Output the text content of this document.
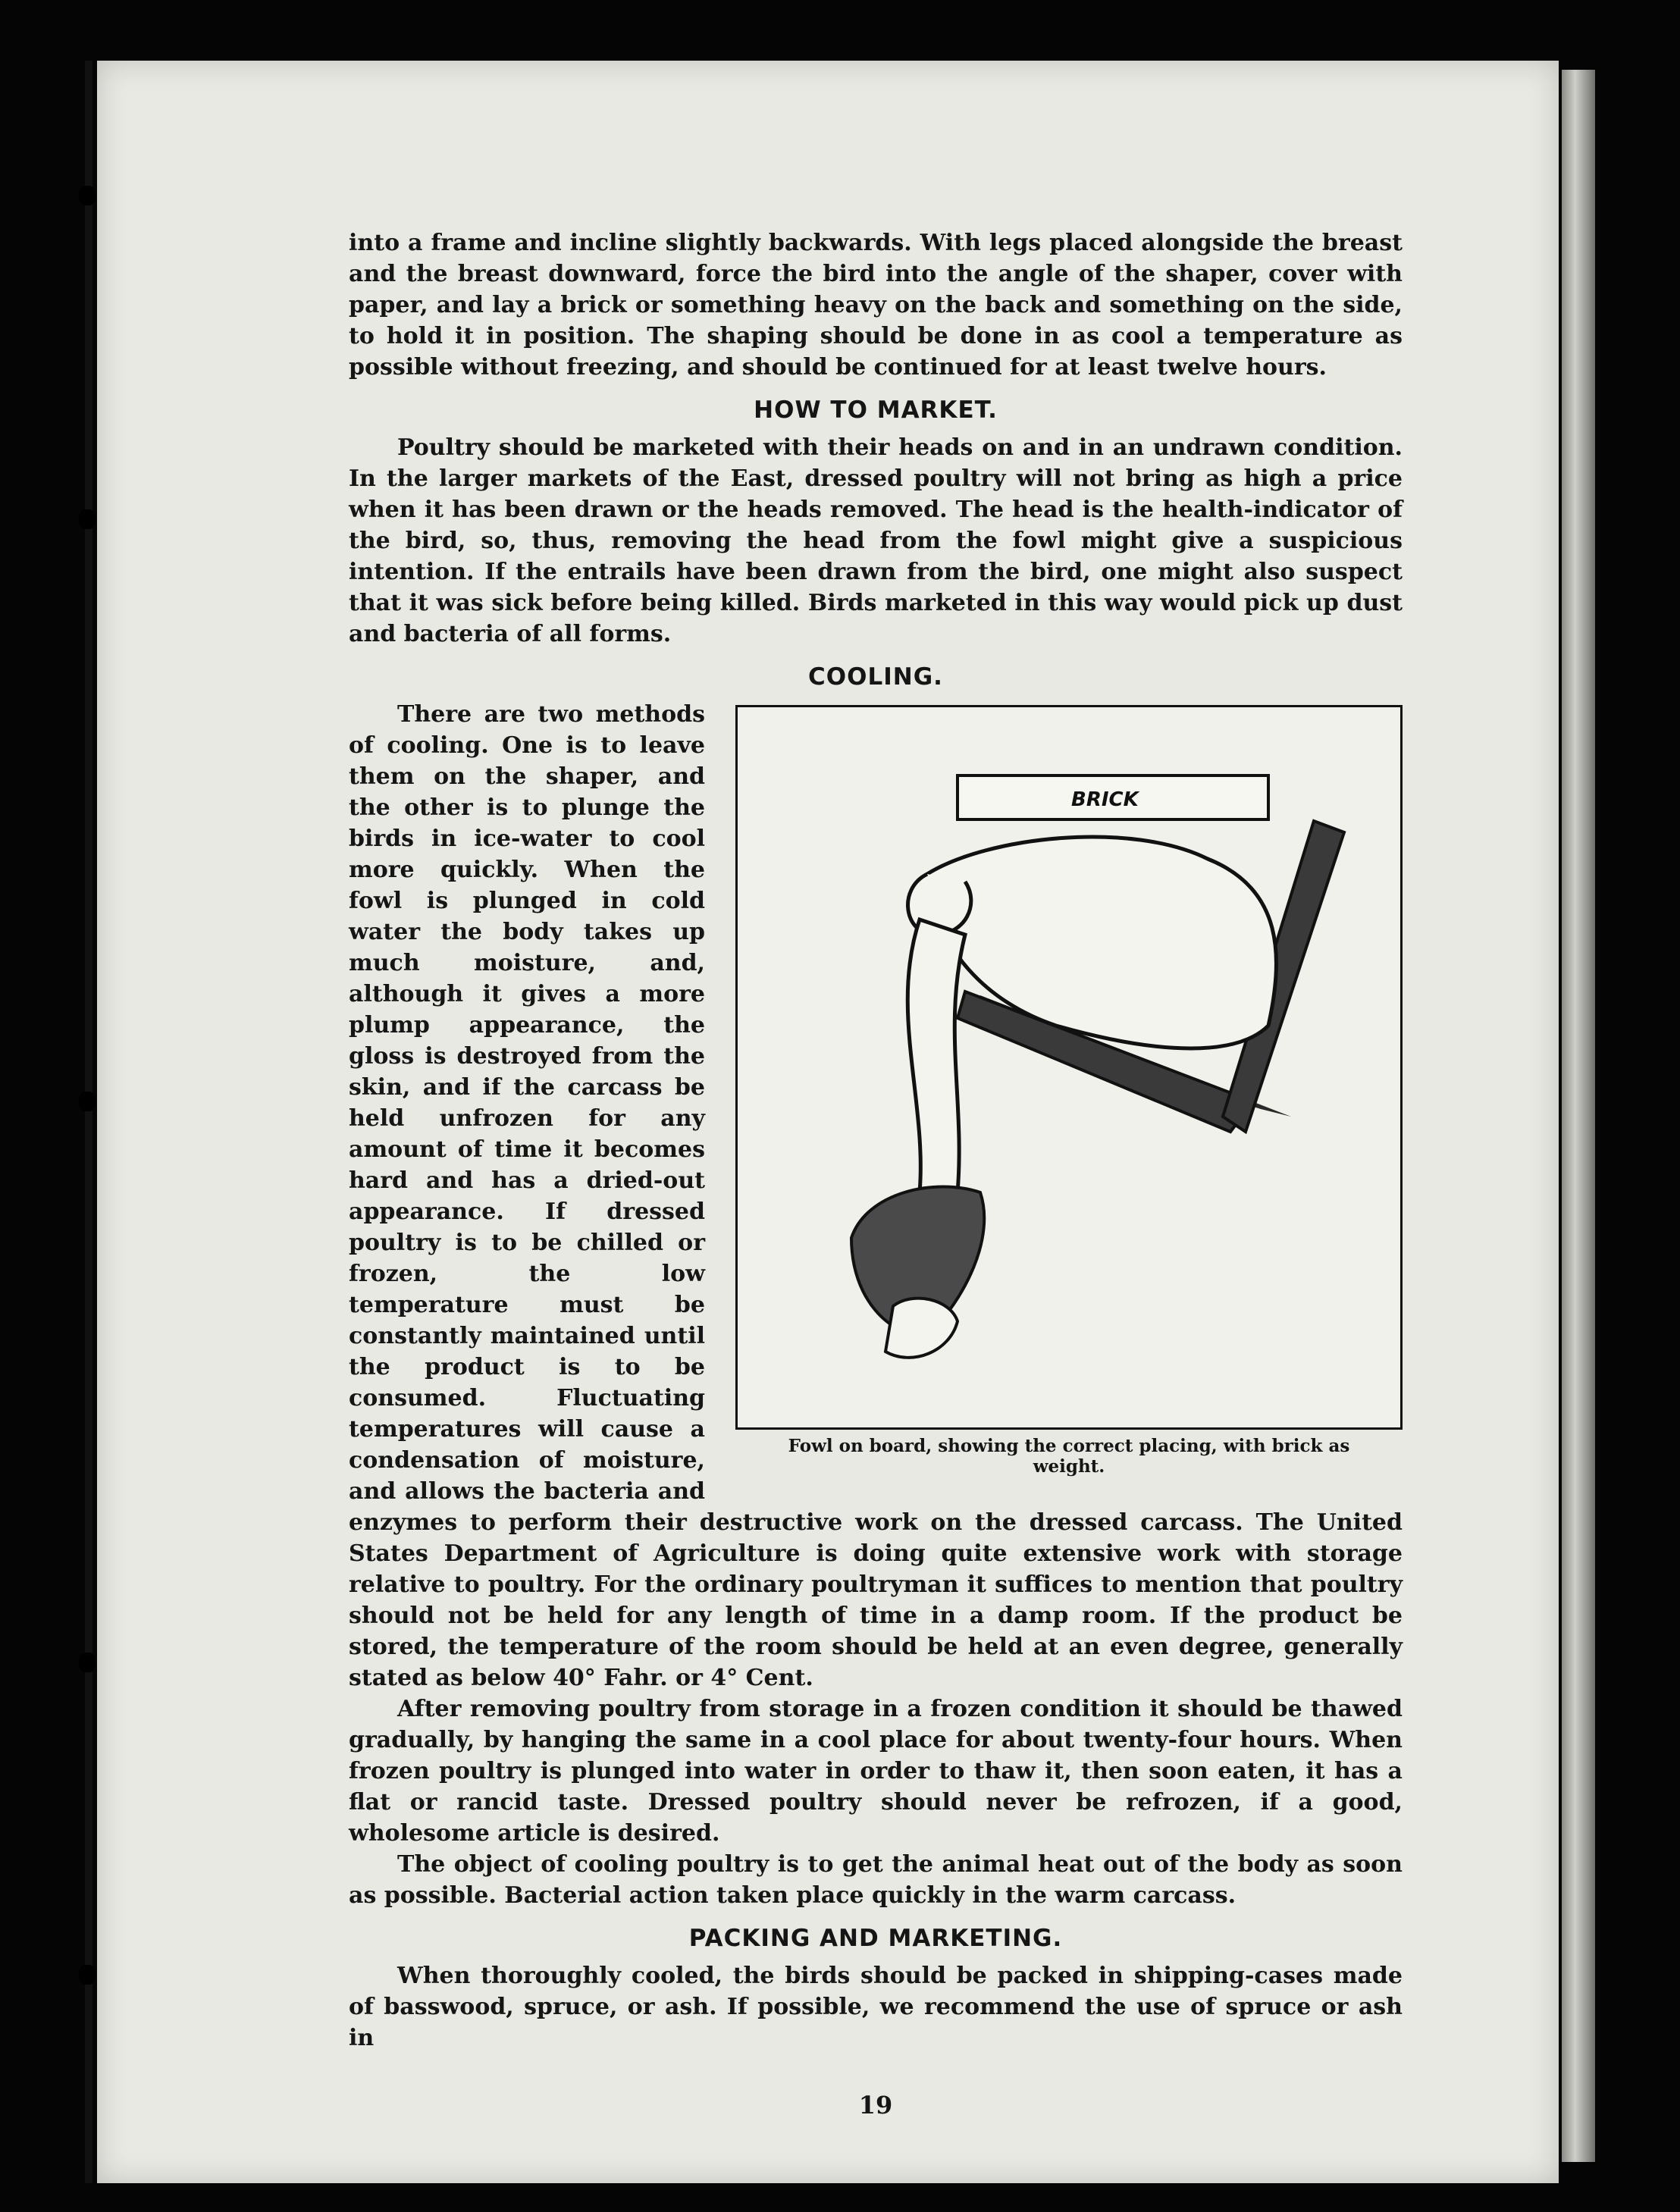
into a frame and incline slightly backwards. With legs placed alongside the breast and the breast downward, force the bird into the angle of the shaper, cover with paper, and lay a brick or something heavy on the back and something on the side, to hold it in position. The shaping should be done in as cool a temperature as possible without freezing, and should be continued for at least twelve hours.

HOW TO MARKET.

Poultry should be marketed with their heads on and in an undrawn condition. In the larger markets of the East, dressed poultry will not bring as high a price when it has been drawn or the heads removed. The head is the health-indicator of the bird, so, thus, removing the head from the fowl might give a suspicious intention. If the entrails have been drawn from the bird, one might also suspect that it was sick before being killed. Birds marketed in this way would pick up dust and bacteria of all forms.

COOLING.
BRICK
Fowl on board, showing the correct placing, with brick as weight.

There are two methods of cooling. One is to leave them on the shaper, and the other is to plunge the birds in ice-water to cool more quickly. When the fowl is plunged in cold water the body takes up much moisture, and, although it gives a more plump appearance, the gloss is destroyed from the skin, and if the carcass be held unfrozen for any amount of time it becomes hard and has a dried-out appearance. If dressed poultry is to be chilled or frozen, the low temperature must be constantly maintained until the product is to be consumed. Fluctuating temperatures will cause a condensation of moisture, and allows the bacteria and enzymes to perform their destructive work on the dressed carcass. The United States Department of Agriculture is doing quite extensive work with storage relative to poultry. For the ordinary poultryman it suffices to mention that poultry should not be held for any length of time in a damp room. If the product be stored, the temperature of the room should be held at an even degree, generally stated as below 40° Fahr. or 4° Cent.

After removing poultry from storage in a frozen condition it should be thawed gradually, by hanging the same in a cool place for about twenty-four hours. When frozen poultry is plunged into water in order to thaw it, then soon eaten, it has a flat or rancid taste. Dressed poultry should never be refrozen, if a good, wholesome article is desired.

The object of cooling poultry is to get the animal heat out of the body as soon as possible. Bacterial action taken place quickly in the warm carcass.

PACKING AND MARKETING.

When thoroughly cooled, the birds should be packed in shipping-cases made of basswood, spruce, or ash. If possible, we recommend the use of spruce or ash in

19
